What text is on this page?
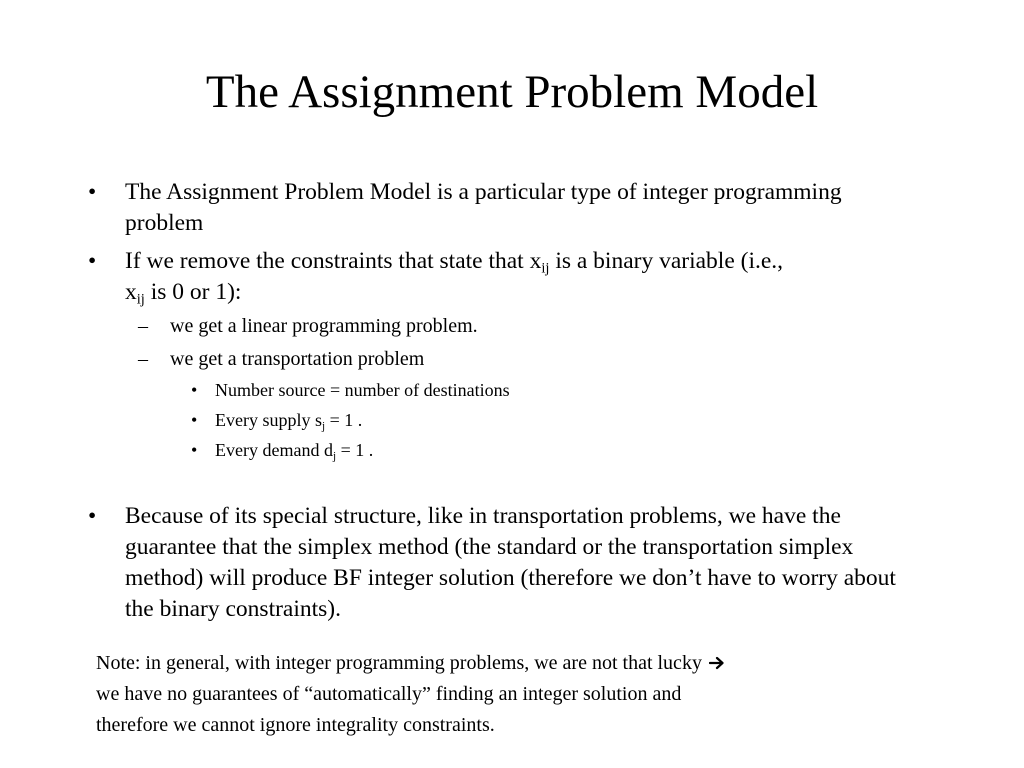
The Assignment Problem Model
• The Assignment Problem Model is a particular type of integer programming problem
• If we remove the constraints that state that $x_{ij}$ is a binary variable (i.e.,
$x_{ij}$ is 0 or 1):
– we get a linear programming problem.
– we get a transportation problem
• Number source = number of destinations
• Every supply $s_j = 1$ .
• Every demand $d_j = 1$ .
• Because of its special structure, like in transportation problems, we have the guarantee that the simplex method (the standard or the transportation simplex method) will produce BF integer solution (therefore we don’t have to worry about the binary constraints).
Note: in general, with integer programming problems, we are not that lucky
we have no guarantees of “automatically” finding an integer solution and
therefore we cannot ignore integrality constraints.
